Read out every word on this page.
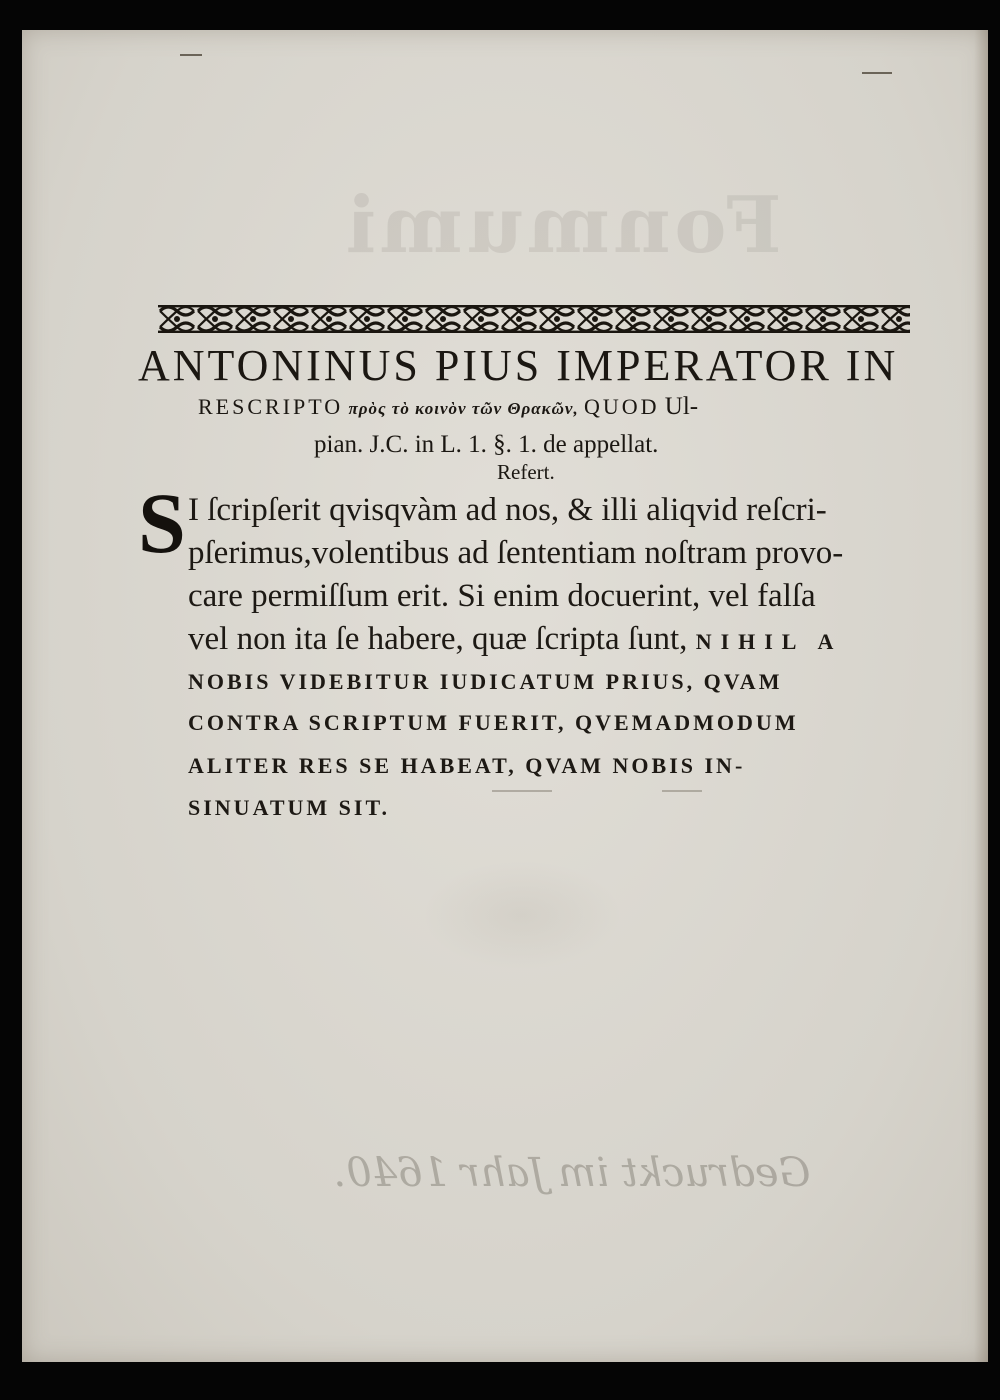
Fonmumi
Gedruckt im Jahr 1640.
ANTONINUS PIUS IMPERATOR IN
RESCRIPTO πρὸς τὸ κοινὸν τῶν Θρακῶν, QUOD Ul-
pian. J.C. in L. 1. §. 1. de appellat.
Refert.
S I ſcripſerit qvisqvàm ad nos, & illi aliqvid reſcri-
pſerimus,volentibus ad ſententiam noſtram provo-
care permiſſum erit. Si enim docuerint, vel falſa
vel non ita ſe habere, quæ ſcripta ſunt, NIHIL A
NOBIS VIDEBITUR IUDICATUM PRIUS, QVAM
CONTRA SCRIPTUM FUERIT, QVEMADMODUM
ALITER RES SE HABEAT, QVAM NOBIS IN-
SINUATUM SIT.
